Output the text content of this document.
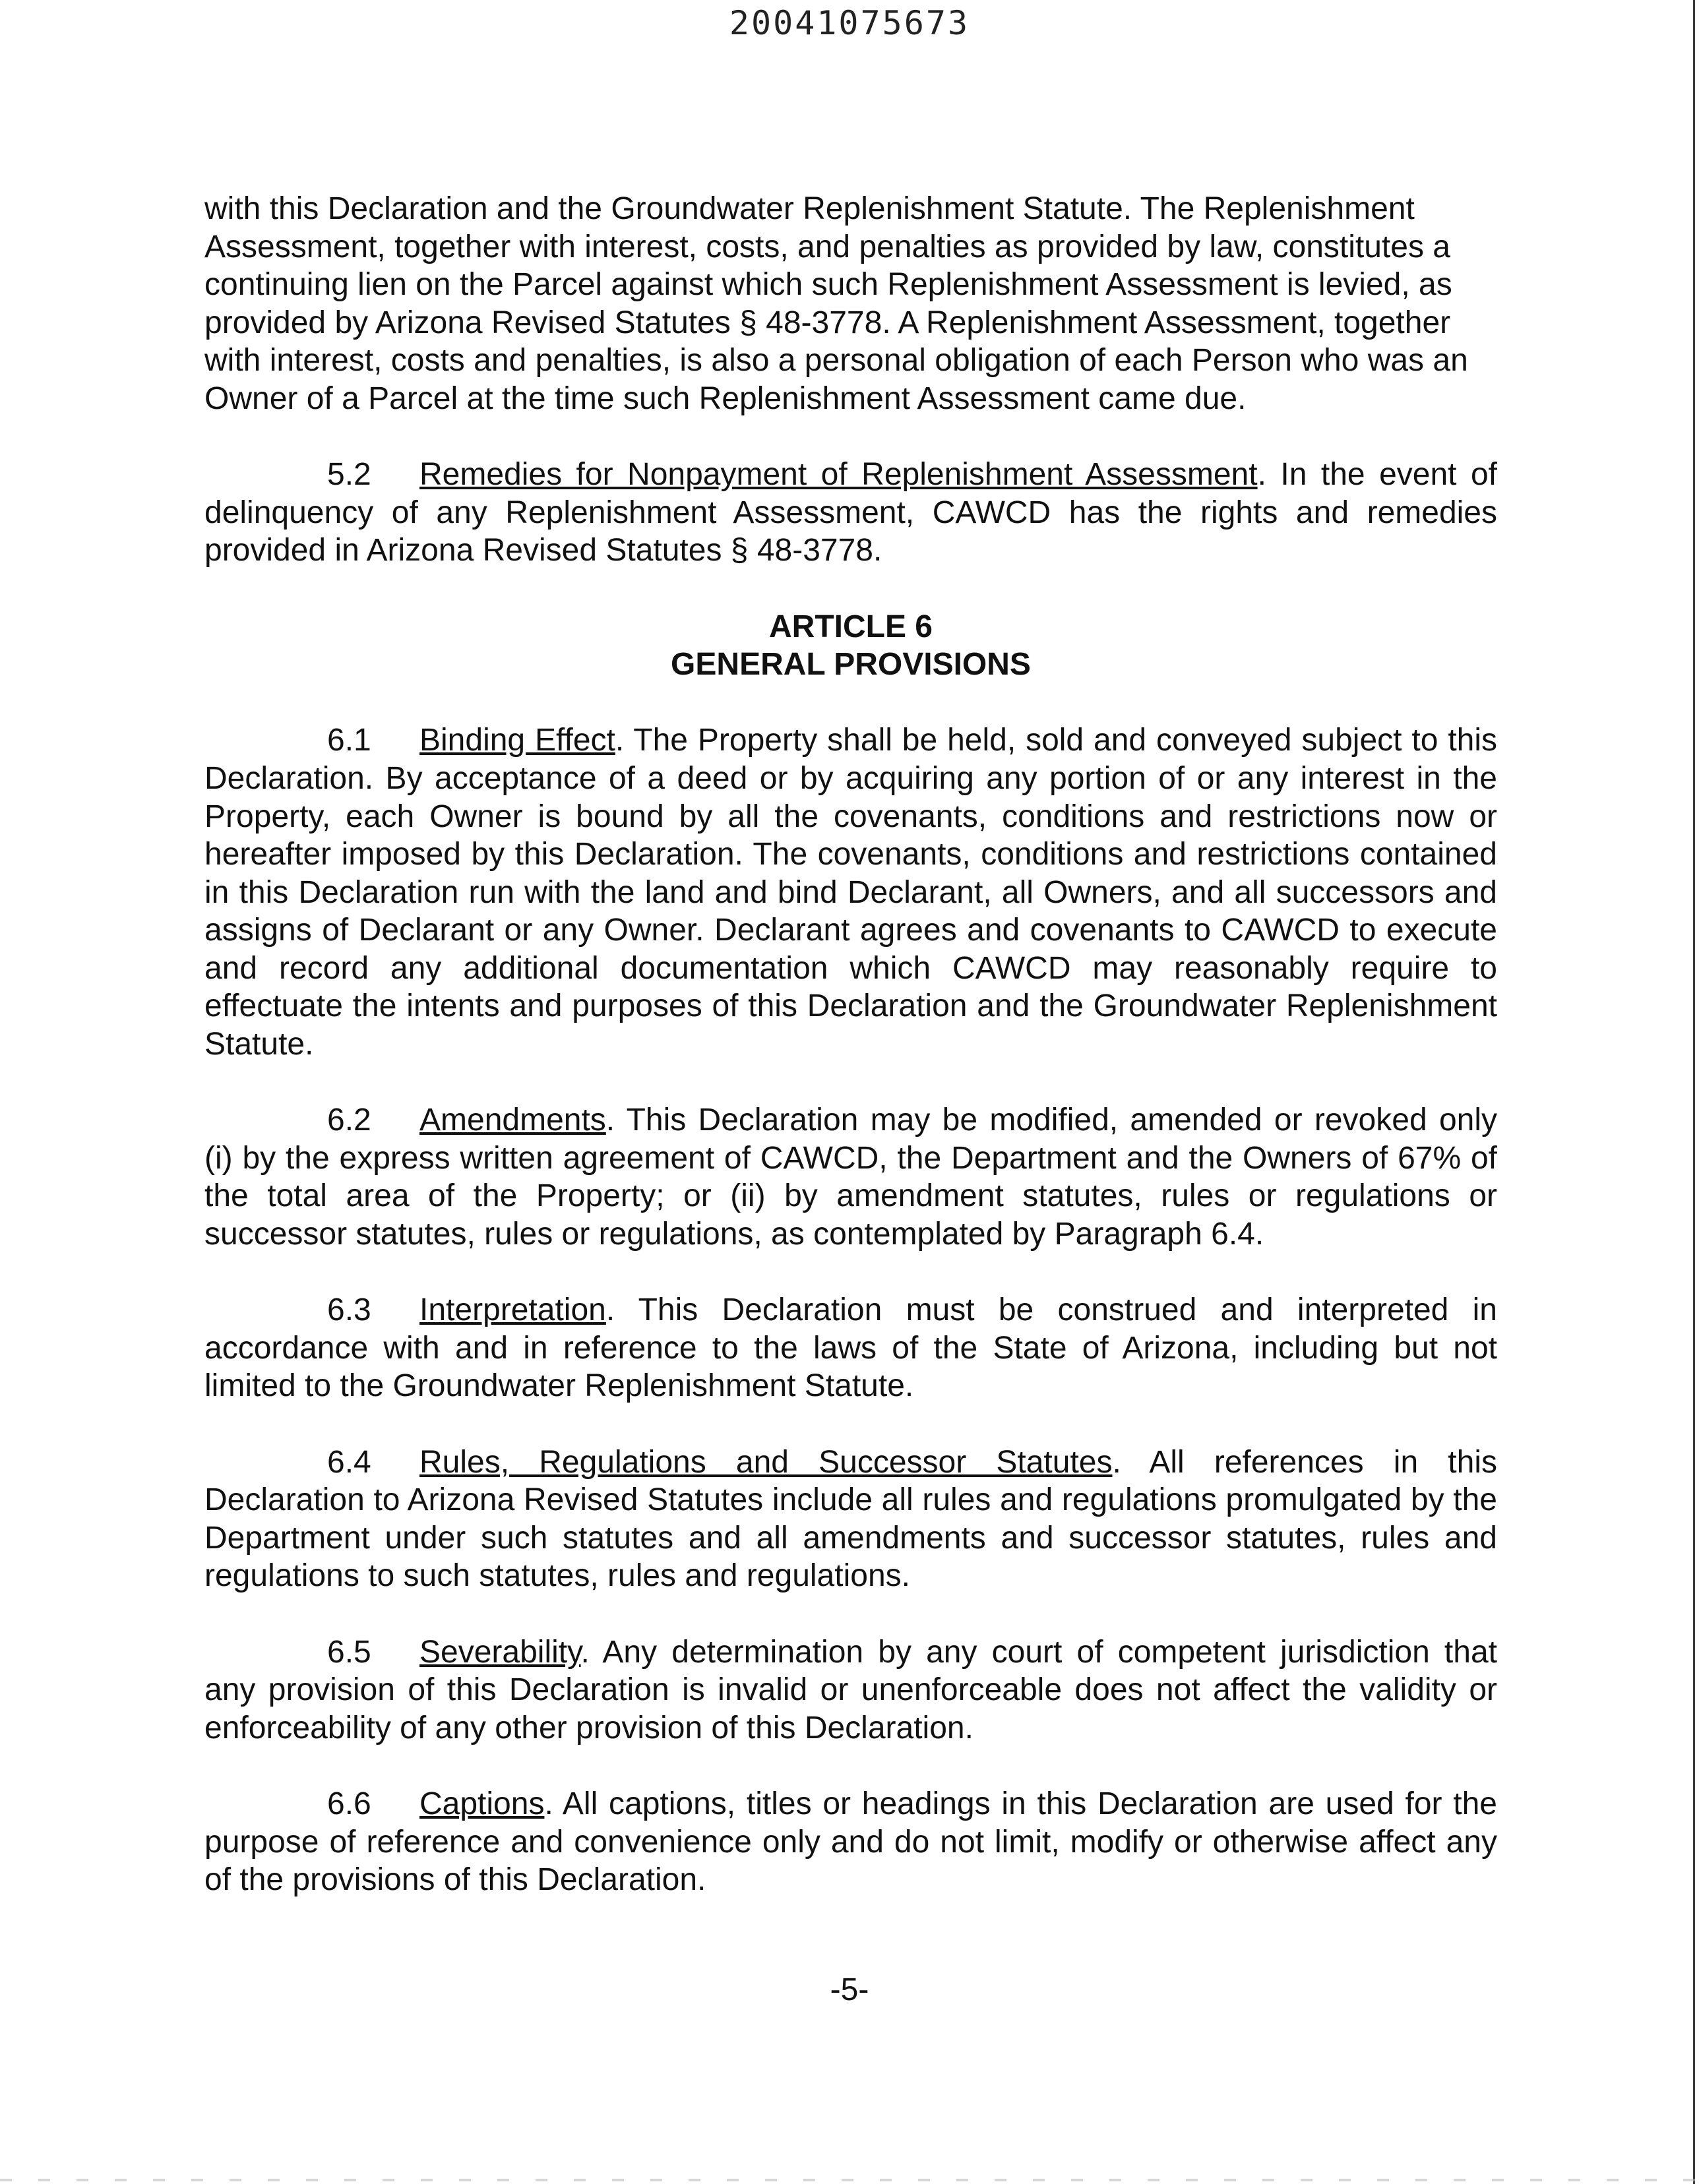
20041075673

with this Declaration and the Groundwater Replenishment Statute. The Replenishment Assessment, together with interest, costs, and penalties as provided by law, constitutes a continuing lien on the Parcel against which such Replenishment Assessment is levied, as provided by Arizona Revised Statutes § 48-3778. A Replenishment Assessment, together with interest, costs and penalties, is also a personal obligation of each Person who was an Owner of a Parcel at the time such Replenishment Assessment came due.

5.2 Remedies for Nonpayment of Replenishment Assessment. In the event of delinquency of any Replenishment Assessment, CAWCD has the rights and remedies provided in Arizona Revised Statutes § 48-3778.

ARTICLE 6
GENERAL PROVISIONS

6.1 Binding Effect. The Property shall be held, sold and conveyed subject to this Declaration. By acceptance of a deed or by acquiring any portion of or any interest in the Property, each Owner is bound by all the covenants, conditions and restrictions now or hereafter imposed by this Declaration. The covenants, conditions and restrictions contained in this Declaration run with the land and bind Declarant, all Owners, and all successors and assigns of Declarant or any Owner. Declarant agrees and covenants to CAWCD to execute and record any additional documentation which CAWCD may reasonably require to effectuate the intents and purposes of this Declaration and the Groundwater Replenishment Statute.

6.2 Amendments. This Declaration may be modified, amended or revoked only (i) by the express written agreement of CAWCD, the Department and the Owners of 67% of the total area of the Property; or (ii) by amendment statutes, rules or regulations or successor statutes, rules or regulations, as contemplated by Paragraph 6.4.

6.3 Interpretation. This Declaration must be construed and interpreted in accordance with and in reference to the laws of the State of Arizona, including but not limited to the Groundwater Replenishment Statute.

6.4 Rules, Regulations and Successor Statutes. All references in this Declaration to Arizona Revised Statutes include all rules and regulations promulgated by the Department under such statutes and all amendments and successor statutes, rules and regulations to such statutes, rules and regulations.

6.5 Severability. Any determination by any court of competent jurisdiction that any provision of this Declaration is invalid or unenforceable does not affect the validity or enforceability of any other provision of this Declaration.

6.6 Captions. All captions, titles or headings in this Declaration are used for the purpose of reference and convenience only and do not limit, modify or otherwise affect any of the provisions of this Declaration.

-5-
